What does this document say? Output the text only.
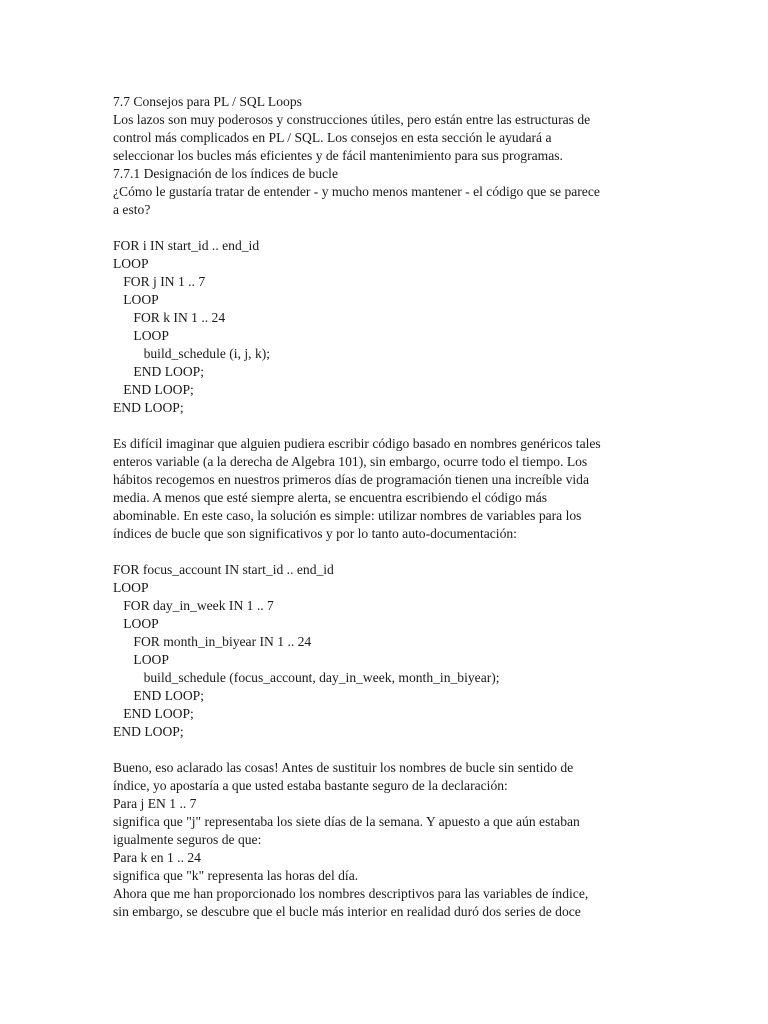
7.7 Consejos para PL / SQL Loops
Los lazos son muy poderosos y construcciones útiles, pero están entre las estructuras de
control más complicados en PL / SQL. Los consejos en esta sección le ayudará a
seleccionar los bucles más eficientes y de fácil mantenimiento para sus programas.
7.7.1 Designación de los índices de bucle
¿Cómo le gustaría tratar de entender - y mucho menos mantener - el código que se parece
a esto?
FOR i IN start_id .. end_id
LOOP
FOR j IN 1 .. 7
LOOP
FOR k IN 1 .. 24
LOOP
build_schedule (i, j, k);
END LOOP;
END LOOP;
END LOOP;
Es difícil imaginar que alguien pudiera escribir código basado en nombres genéricos tales
enteros variable (a la derecha de Algebra 101), sin embargo, ocurre todo el tiempo. Los
hábitos recogemos en nuestros primeros días de programación tienen una increíble vida
media. A menos que esté siempre alerta, se encuentra escribiendo el código más
abominable. En este caso, la solución es simple: utilizar nombres de variables para los
índices de bucle que son significativos y por lo tanto auto-documentación:
FOR focus_account IN start_id .. end_id
LOOP
FOR day_in_week IN 1 .. 7
LOOP
FOR month_in_biyear IN 1 .. 24
LOOP
build_schedule (focus_account, day_in_week, month_in_biyear);
END LOOP;
END LOOP;
END LOOP;
Bueno, eso aclarado las cosas! Antes de sustituir los nombres de bucle sin sentido de
índice, yo apostaría a que usted estaba bastante seguro de la declaración:
Para j EN 1 .. 7
significa que "j" representaba los siete días de la semana. Y apuesto a que aún estaban
igualmente seguros de que:
Para k en 1 .. 24
significa que "k" representa las horas del día.
Ahora que me han proporcionado los nombres descriptivos para las variables de índice,
sin embargo, se descubre que el bucle más interior en realidad duró dos series de doce
